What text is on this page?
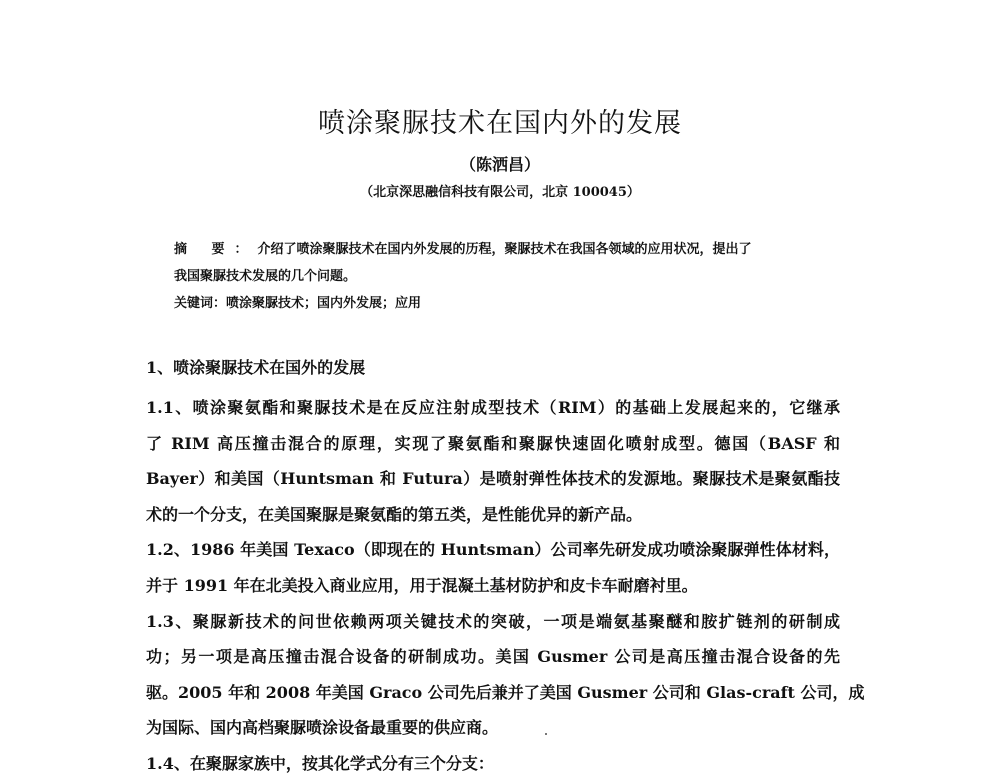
喷涂聚脲技术在国内外的发展
（陈洒昌）
（北京深思融信科技有限公司，北京 100045）

摘 要：介绍了喷涂聚脲技术在国内外发展的历程，聚脲技术在我国各领域的应用状况，提出了

我国聚脲技术发展的几个问题。

关键词：喷涂聚脲技术；国内外发展；应用
1、喷涂聚脲技术在国外的发展
1.1、喷涂聚氨酯和聚脲技术是在反应注射成型技术（RIM）的基础上发展起来的，它继承
了 RIM 高压撞击混合的原理，实现了聚氨酯和聚脲快速固化喷射成型。德国（BASF 和
Bayer）和美国（Huntsman 和 Futura）是喷射弹性体技术的发源地。聚脲技术是聚氨酯技
术的一个分支，在美国聚脲是聚氨酯的第五类，是性能优异的新产品。
1.2、1986 年美国 Texaco（即现在的 Huntsman）公司率先研发成功喷涂聚脲弹性体材料，
并于 1991 年在北美投入商业应用，用于混凝土基材防护和皮卡车耐磨衬里。
1.3、聚脲新技术的问世依赖两项关键技术的突破，一项是端氨基聚醚和胺扩链剂的研制成
功；另一项是高压撞击混合设备的研制成功。美国 Gusmer 公司是高压撞击混合设备的先
驱。2005 年和 2008 年美国 Graco 公司先后兼并了美国 Gusmer 公司和 Glas-craft 公司，成
为国际、国内高档聚脲喷涂设备最重要的供应商。
1.4、在聚脲家族中，按其化学式分有三个分支：
